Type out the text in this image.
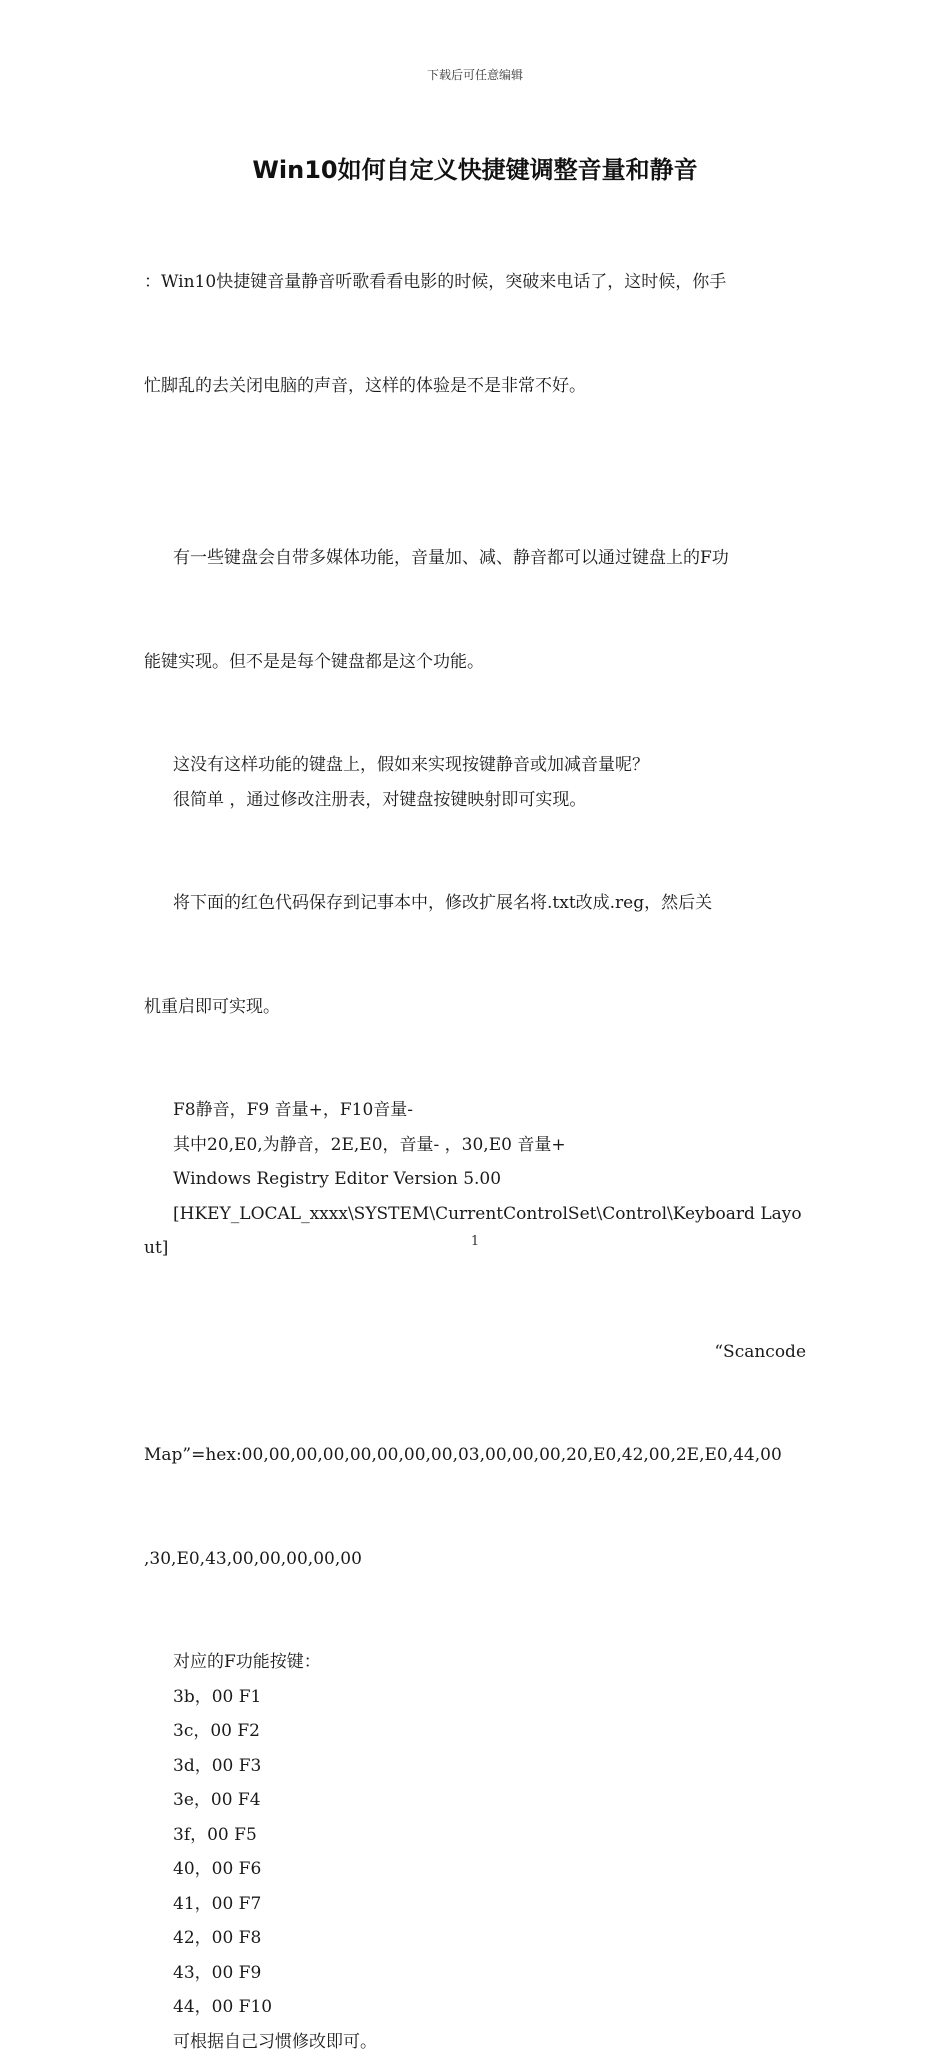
下载后可任意编辑
Win10如何自定义快捷键调整音量和静音

：Win10快捷键音量静音听歌看看电影的时候，突破来电话了，这时候，你手

忙脚乱的去关闭电脑的声音，这样的体验是不是非常不好。

有一些键盘会自带多媒体功能，音量加、减、静音都可以通过键盘上的F功

能键实现。但不是是每个键盘都是这个功能。

这没有这样功能的键盘上，假如来实现按键静音或加减音量呢？

很简单 ，通过修改注册表，对键盘按键映射即可实现。

将下面的红色代码保存到记事本中，修改扩展名将.txt改成.reg，然后关

机重启即可实现。

F8静音，F9 音量+，F10音量-

其中20,E0,为静音，2E,E0，音量- ，30,E0 音量+

Windows Registry Editor Version 5.00

[HKEY_LOCAL_xxxx\SYSTEM\CurrentControlSet\Control\Keyboard Layout]

“Scancode

Map”=hex:00,00,00,00,00,00,00,00,03,00,00,00,20,E0,42,00,2E,E0,44,00

,30,E0,43,00,00,00,00,00

对应的F功能按键：

3b，00 F1

3c，00 F2

3d，00 F3

3e，00 F4

3f，00 F5

40，00 F6

41，00 F7

42，00 F8

43，00 F9

44，00 F10

可根据自己习惯修改即可。

1
